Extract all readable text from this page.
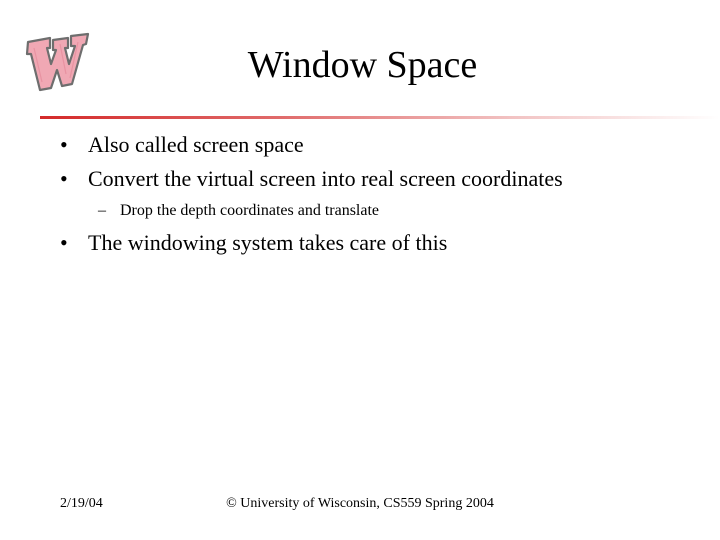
Window Space
• Also called screen space
• Convert the virtual screen into real screen coordinates
– Drop the depth coordinates and translate
• The windowing system takes care of this
2/19/04	© University of Wisconsin, CS559 Spring 2004
